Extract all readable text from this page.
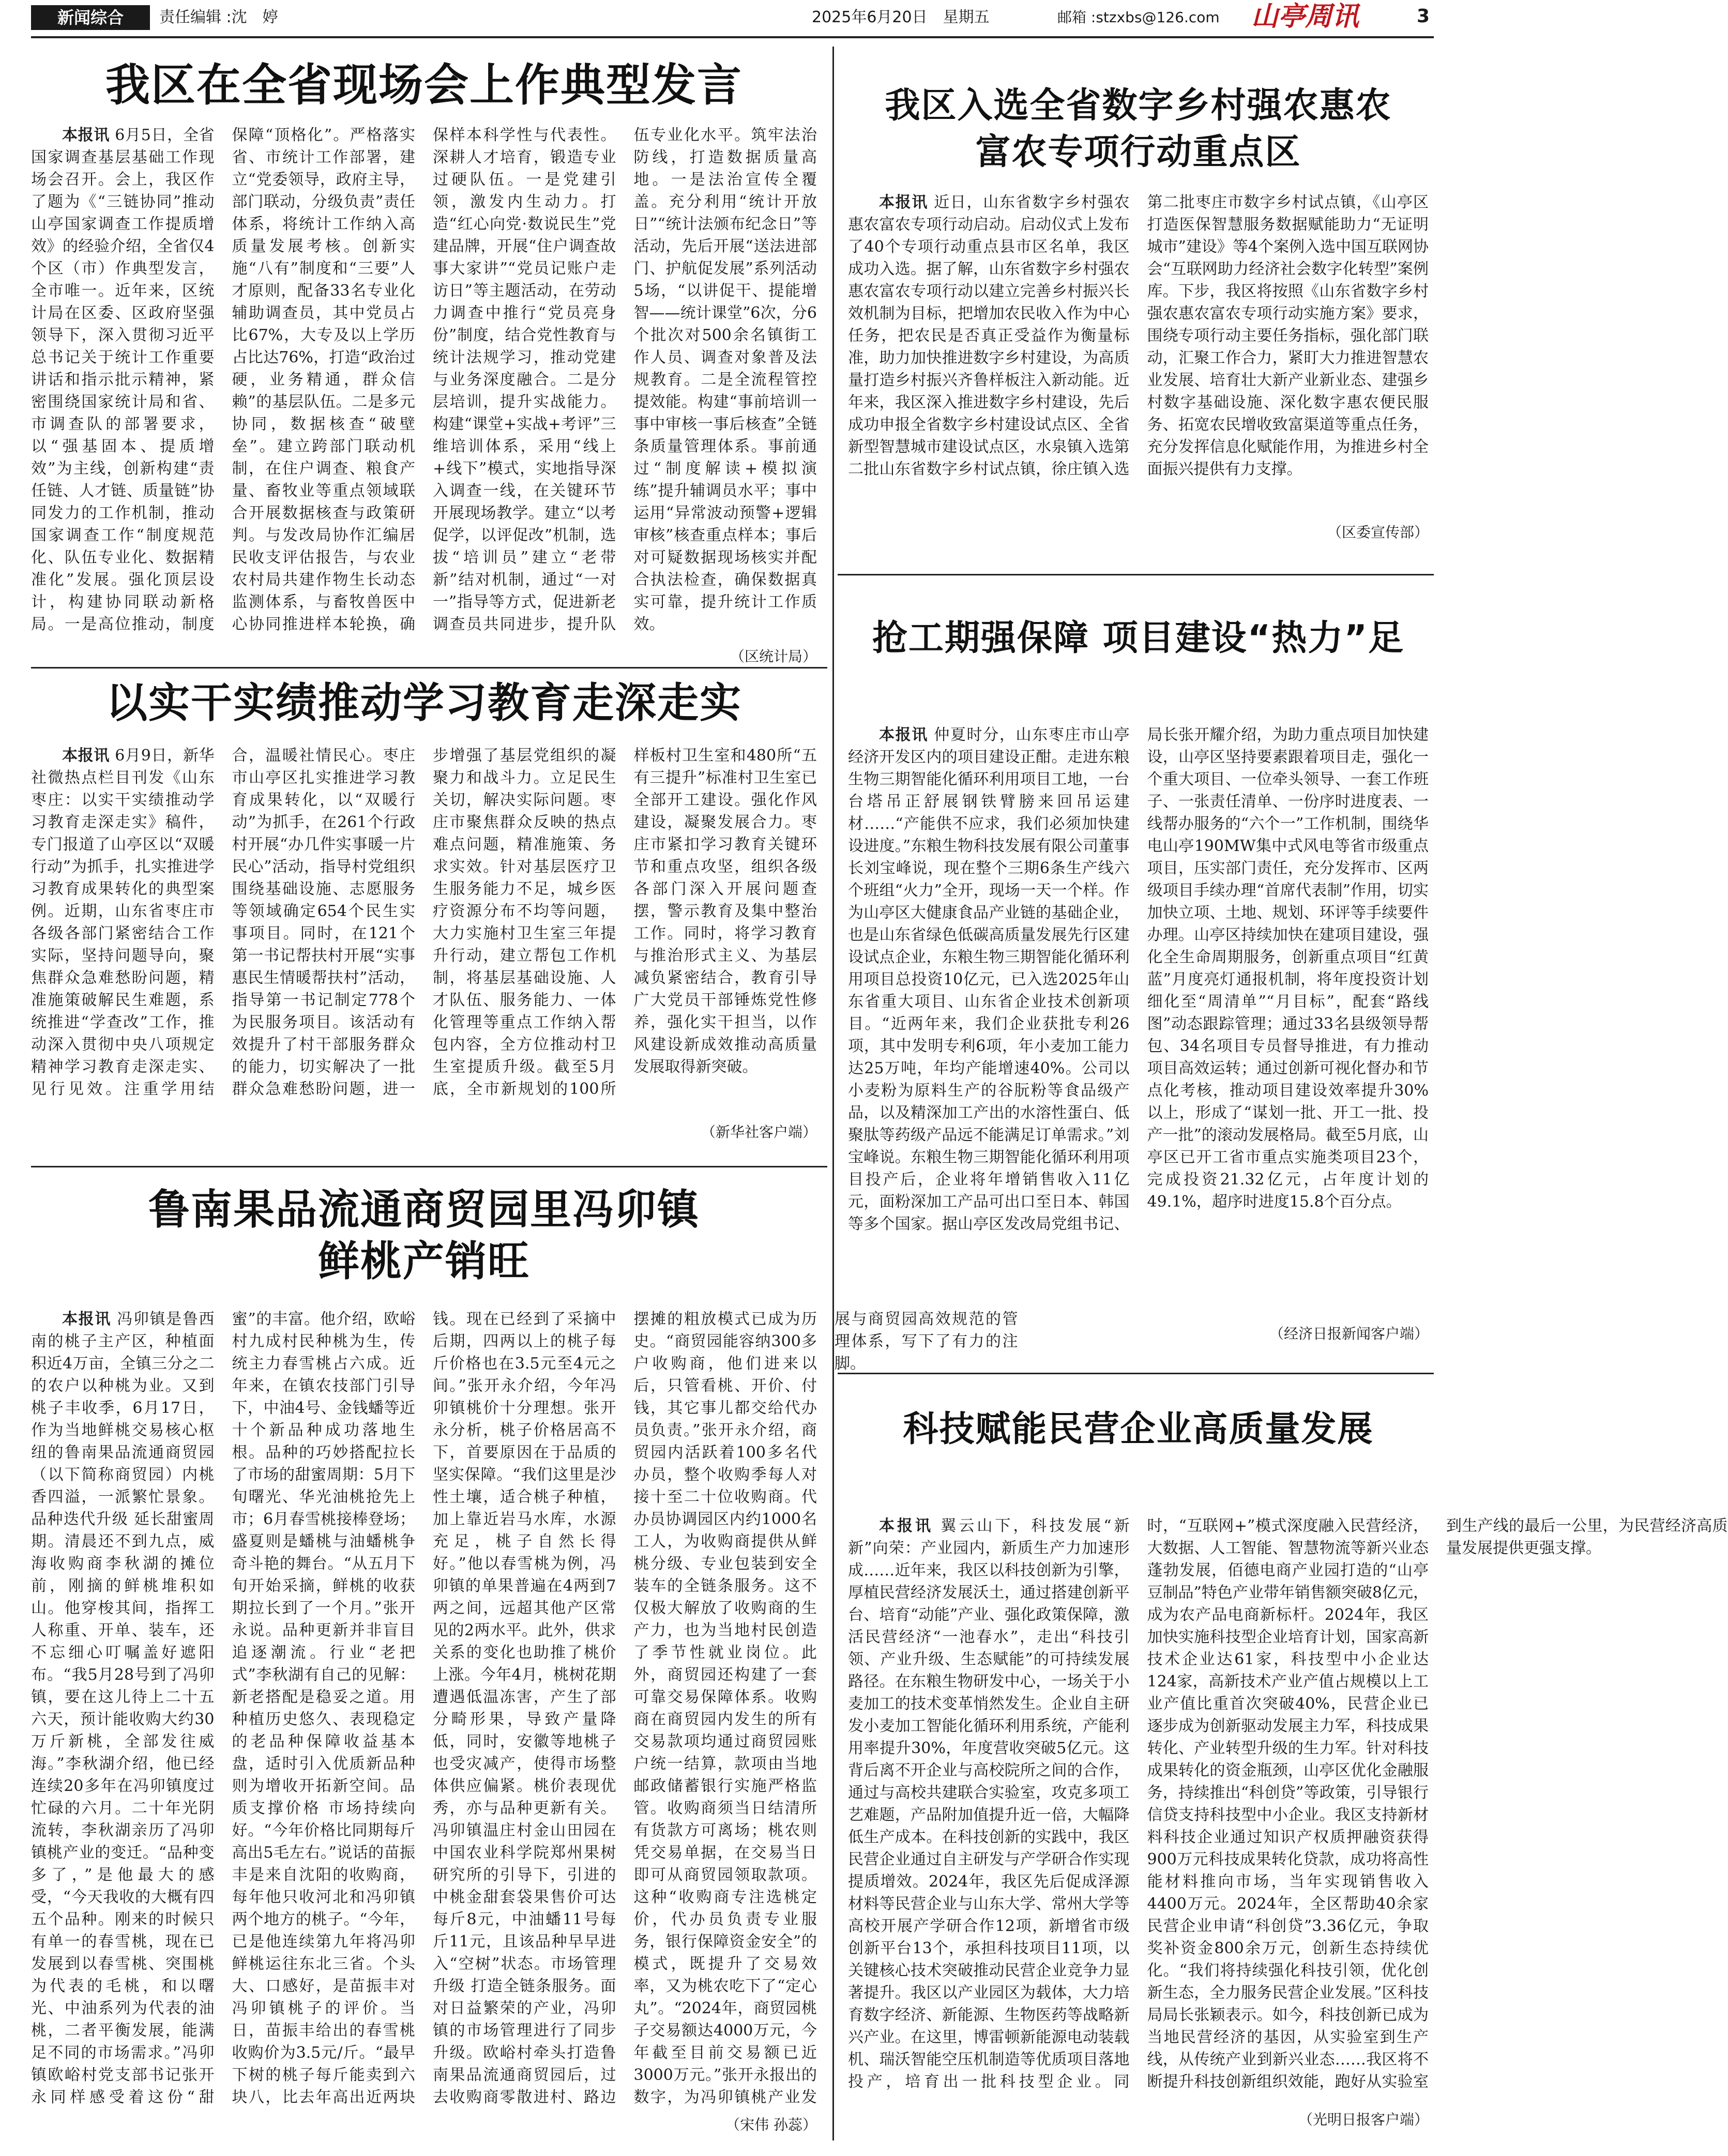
新闻综合	责任编辑 :沈　婷	2025年6月20日　星期五	邮箱 :stzxbs@126.com 山亭周讯	3
我区在全省现场会上作典型发言

本报讯 6月5日，全省国家调查基层基础工作现场会召开。会上，我区作了题为《“三链协同”推动山亭国家调查工作提质增效》的经验介绍，全省仅4个区（市）作典型发言，全市唯一。近年来，区统计局在区委、区政府坚强领导下，深入贯彻习近平总书记关于统计工作重要讲话和指示批示精神，紧密围绕国家统计局和省、市调查队的部署要求，以“强基固本、提质增效”为主线，创新构建“责任链、人才链、质量链”协同发力的工作机制，推动国家调查工作“制度规范化、队伍专业化、数据精准化”发展。强化顶层设计，构建协同联动新格局。一是高位推动，制度保障“顶格化”。严格落实省、市统计工作部署，建立“党委领导，政府主导，部门联动，分级负责”责任体系，将统计工作纳入高质量发展考核。创新实施“八有”制度和“三要”人才原则，配备33名专业化辅助调查员，其中党员占比67%，大专及以上学历占比达76%，打造“政治过硬，业务精通，群众信赖”的基层队伍。二是多元协同，数据核查“破壁垒”。建立跨部门联动机制，在住户调查、粮食产量、畜牧业等重点领域联合开展数据核查与政策研判。与发改局协作汇编居民收支评估报告，与农业农村局共建作物生长动态监测体系，与畜牧兽医中心协同推进样本轮换，确保样本科学性与代表性。深耕人才培育，锻造专业过硬队伍。一是党建引领，激发内生动力。打造“红心向党·数说民生”党建品牌，开展“住户调查故事大家讲”“党员记账户走访日”等主题活动，在劳动力调查中推行“党员亮身份”制度，结合党性教育与统计法规学习，推动党建与业务深度融合。二是分层培训，提升实战能力。构建“课堂+实战+考评”三维培训体系，采用“线上+线下”模式，实地指导深入调查一线，在关键环节开展现场教学。建立“以考促学，以评促改”机制，选拔“培训员”建立“老带新”结对机制，通过“一对一”指导等方式，促进新老调查员共同进步，提升队伍专业化水平。筑牢法治防线，打造数据质量高地。一是法治宣传全覆盖。充分利用“统计开放日”“统计法颁布纪念日”等活动，先后开展“送法进部门、护航促发展”系列活动5场，“以讲促干、提能增智——统计课堂”6次，分6个批次对500余名镇街工作人员、调查对象普及法规教育。二是全流程管控提效能。构建“事前培训一事中审核一事后核查”全链条质量管理体系。事前通过“制度解读+模拟演练”提升辅调员水平；事中运用“异常波动预警+逻辑审核”核查重点样本；事后对可疑数据现场核实并配合执法检查，确保数据真实可靠，提升统计工作质效。

（区统计局）
我区入选全省数字乡村强农惠农富农专项行动重点区

本报讯 近日，山东省数字乡村强农惠农富农专项行动启动。启动仪式上发布了40个专项行动重点县市区名单，我区成功入选。据了解，山东省数字乡村强农惠农富农专项行动以建立完善乡村振兴长效机制为目标，把增加农民收入作为中心任务，把农民是否真正受益作为衡量标准，助力加快推进数字乡村建设，为高质量打造乡村振兴齐鲁样板注入新动能。近年来，我区深入推进数字乡村建设，先后成功申报全省数字乡村建设试点区、全省新型智慧城市建设试点区，水泉镇入选第二批山东省数字乡村试点镇，徐庄镇入选第二批枣庄市数字乡村试点镇，《山亭区打造医保智慧服务数据赋能助力“无证明城市”建设》等4个案例入选中国互联网协会“互联网助力经济社会数字化转型”案例库。下步，我区将按照《山东省数字乡村强农惠农富农专项行动实施方案》要求，围绕专项行动主要任务指标，强化部门联动，汇聚工作合力，紧盯大力推进智慧农业发展、培育壮大新产业新业态、建强乡村数字基础设施、深化数字惠农便民服务、拓宽农民增收致富渠道等重点任务，充分发挥信息化赋能作用，为推进乡村全面振兴提供有力支撑。

（区委宣传部）
以实干实绩推动学习教育走深走实

本报讯 6月9日，新华社微热点栏目刊发《山东枣庄：以实干实绩推动学习教育走深走实》稿件，专门报道了山亭区以“双暖行动”为抓手，扎实推进学习教育成果转化的典型案例。近期，山东省枣庄市各级各部门紧密结合工作实际，坚持问题导向，聚焦群众急难愁盼问题，精准施策破解民生难题，系统推进“学查改”工作，推动深入贯彻中央八项规定精神学习教育走深走实、见行见效。注重学用结合，温暖社情民心。枣庄市山亭区扎实推进学习教育成果转化，以“双暖行动”为抓手，在261个行政村开展“办几件实事暖一片民心”活动，指导村党组织围绕基础设施、志愿服务等领域确定654个民生实事项目。同时，在121个第一书记帮扶村开展“实事惠民生情暖帮扶村”活动，指导第一书记制定778个为民服务项目。该活动有效提升了村干部服务群众的能力，切实解决了一批群众急难愁盼问题，进一步增强了基层党组织的凝聚力和战斗力。立足民生关切，解决实际问题。枣庄市聚焦群众反映的热点难点问题，精准施策、务求实效。针对基层医疗卫生服务能力不足，城乡医疗资源分布不均等问题，大力实施村卫生室三年提升行动，建立帮包工作机制，将基层基础设施、人才队伍、服务能力、一体化管理等重点工作纳入帮包内容，全方位推动村卫生室提质升级。截至5月底，全市新规划的100所样板村卫生室和480所“五有三提升”标准村卫生室已全部开工建设。强化作风建设，凝聚发展合力。枣庄市紧扣学习教育关键环节和重点攻坚，组织各级各部门深入开展问题查摆，警示教育及集中整治工作。同时，将学习教育与推治形式主义、为基层减负紧密结合，教育引导广大党员干部锤炼党性修养，强化实干担当，以作风建设新成效推动高质量发展取得新突破。

（新华社客户端）
抢工期强保障 项目建设“热力”足

本报讯 仲夏时分，山东枣庄市山亭经济开发区内的项目建设正酣。走进东粮生物三期智能化循环利用项目工地，一台台塔吊正舒展钢铁臂膀来回吊运建材……“产能供不应求，我们必须加快建设进度。”东粮生物科技发展有限公司董事长刘宝峰说，现在整个三期6条生产线六个班组“火力”全开，现场一天一个样。作为山亭区大健康食品产业链的基础企业，也是山东省绿色低碳高质量发展先行区建设试点企业，东粮生物三期智能化循环利用项目总投资10亿元，已入选2025年山东省重大项目、山东省企业技术创新项目。“近两年来，我们企业获批专利26项，其中发明专利6项，年小麦加工能力达25万吨，年均产能增速40%。公司以小麦粉为原料生产的谷朊粉等食品级产品，以及精深加工产出的水溶性蛋白、低聚肽等药级产品远不能满足订单需求。”刘宝峰说。东粮生物三期智能化循环利用项目投产后，企业将年增销售收入11亿元，面粉深加工产品可出口至日本、韩国等多个国家。据山亭区发改局党组书记、局长张开耀介绍，为助力重点项目加快建设，山亭区坚持要素跟着项目走，强化一个重大项目、一位牵头领导、一套工作班子、一张责任清单、一份序时进度表、一线帮办服务的“六个一”工作机制，围绕华电山亭190MW集中式风电等省市级重点项目，压实部门责任，充分发挥市、区两级项目手续办理“首席代表制”作用，切实加快立项、土地、规划、环评等手续要件办理。山亭区持续加快在建项目建设，强化全生命周期服务，创新重点项目“红黄蓝”月度亮灯通报机制，将年度投资计划细化至“周清单”“月目标”，配套“路线图”动态跟踪管理；通过33名县级领导帮包、34名项目专员督导推进，有力推动项目高效运转；通过创新可视化督办和节点化考核，推动项目建设效率提升30%以上，形成了“谋划一批、开工一批、投产一批”的滚动发展格局。截至5月底，山亭区已开工省市重点实施类项目23个，完成投资21.32亿元，占年度计划的49.1%，超序时进度15.8个百分点。

（经济日报新闻客户端）
鲁南果品流通商贸园里冯卯镇鲜桃产销旺

本报讯 冯卯镇是鲁西南的桃子主产区，种植面积近4万亩，全镇三分之二的农户以种桃为业。又到桃子丰收季，6月17日，作为当地鲜桃交易核心枢纽的鲁南果品流通商贸园（以下简称商贸园）内桃香四溢，一派繁忙景象。品种迭代升级 延长甜蜜周期。清晨还不到九点，威海收购商李秋湖的摊位前，刚摘的鲜桃堆积如山。他穿梭其间，指挥工人称重、开单、装车，还不忘细心叮嘱盖好遮阳布。“我5月28号到了冯卯镇，要在这儿待上二十五六天，预计能收购大约30万斤新桃，全部发往威海。”李秋湖介绍，他已经连续20多年在冯卯镇度过忙碌的六月。二十年光阴流转，李秋湖亲历了冯卯镇桃产业的变迁。“品种变多了，”是他最大的感受，“今天我收的大概有四五个品种。刚来的时候只有单一的春雪桃，现在已发展到以春雪桃、突围桃为代表的毛桃，和以曙光、中油系列为代表的油桃，二者平衡发展，能满足不同的市场需求。”冯卯镇欧峪村党支部书记张开永同样感受着这份“甜蜜”的丰富。他介绍，欧峪村九成村民种桃为生，传统主力春雪桃占六成。近年来，在镇农技部门引导下，中油4号、金钱蟠等近十个新品种成功落地生根。品种的巧妙搭配拉长了市场的甜蜜周期：5月下旬曙光、华光油桃抢先上市；6月春雪桃接棒登场；盛夏则是蟠桃与油蟠桃争奇斗艳的舞台。“从五月下旬开始采摘，鲜桃的收获期拉长到了一个月。”张开永说。品种更新并非盲目追逐潮流。行业“老把式”李秋湖有自己的见解：新老搭配是稳妥之道。用种植历史悠久、表现稳定的老品种保障收益基本盘，适时引入优质新品种则为增收开拓新空间。品质支撑价格 市场持续向好。“今年价格比同期每斤高出5毛左右。”说话的苗振丰是来自沈阳的收购商，每年他只收河北和冯卯镇两个地方的桃子。“今年，已是他连续第九年将冯卯鲜桃运往东北三省。个头大、口感好，是苗振丰对冯卯镇桃子的评价。当日，苗振丰给出的春雪桃收购价为3.5元/斤。“最早下树的桃子每斤能卖到六块八，比去年高出近两块钱。现在已经到了采摘中后期，四两以上的桃子每斤价格也在3.5元至4元之间。”张开永介绍，今年冯卯镇桃价十分理想。张开永分析，桃子价格居高不下，首要原因在于品质的坚实保障。“我们这里是沙性土壤，适合桃子种植，加上靠近岩马水库，水源充足，桃子自然长得好。”他以春雪桃为例，冯卯镇的单果普遍在4两到7两之间，远超其他产区常见的2两水平。此外，供求关系的变化也助推了桃价上涨。今年4月，桃树花期遭遇低温冻害，产生了部分畸形果，导致产量降低，同时，安徽等地桃子也受灾减产，使得市场整体供应偏紧。桃价表现优秀，亦与品种更新有关。冯卯镇温庄村金山田园在中国农业科学院郑州果树研究所的引导下，引进的中桃金甜套袋果售价可达每斤8元，中油蟠11号每斤11元，且该品种早早进入“空树”状态。市场管理升级 打造全链条服务。面对日益繁荣的产业，冯卯镇的市场管理进行了同步升级。欧峪村牵头打造鲁南果品流通商贸园后，过去收购商零散进村、路边摆摊的粗放模式已成为历史。“商贸园能容纳300多户收购商，他们进来以后，只管看桃、开价、付钱，其它事儿都交给代办员负责。”张开永介绍，商贸园内活跃着100多名代办员，整个收购季每人对接十至二十位收购商。代办员协调园区内约1000名工人，为收购商提供从鲜桃分级、专业包装到安全装车的全链条服务。这不仅极大解放了收购商的生产力，也为当地村民创造了季节性就业岗位。此外，商贸园还构建了一套可靠交易保障体系。收购商在商贸园内发生的所有交易款项均通过商贸园账户统一结算，款项由当地邮政储蓄银行实施严格监管。收购商须当日结清所有货款方可离场；桃农则凭交易单据，在交易当日即可从商贸园领取款项。这种“收购商专注选桃定价，代办员负责专业服务，银行保障资金安全”的模式，既提升了交易效率，又为桃农吃下了“定心丸”。“2024年，商贸园桃子交易额达4000万元，今年截至目前交易额已近3000万元。”张开永报出的数字，为冯卯镇桃产业发展与商贸园高效规范的管理体系，写下了有力的注脚。

（宋伟 孙蕊）
科技赋能民营企业高质量发展

本报讯 翼云山下，科技发展“新新”向荣：产业园内，新质生产力加速形成……近年来，我区以科技创新为引擎，厚植民营经济发展沃土，通过搭建创新平台、培育“动能”产业、强化政策保障，激活民营经济“一池春水”，走出“科技引领、产业升级、生态赋能”的可持续发展路径。在东粮生物研发中心，一场关于小麦加工的技术变革悄然发生。企业自主研发小麦加工智能化循环利用系统，产能利用率提升30%，年度营收突破5亿元。这背后离不开企业与高校院所之间的合作，通过与高校共建联合实验室，攻克多项工艺难题，产品附加值提升近一倍，大幅降低生产成本。在科技创新的实践中，我区民营企业通过自主研发与产学研合作实现提质增效。2024年，我区先后促成泽源材料等民营企业与山东大学、常州大学等高校开展产学研合作12项，新增省市级创新平台13个，承担科技项目11项，以关键核心技术突破推动民营企业竞争力显著提升。我区以产业园区为载体，大力培育数字经济、新能源、生物医药等战略新兴产业。在这里，博雷顿新能源电动装载机、瑞沃智能空压机制造等优质项目落地投产，培育出一批科技型企业。同时，“互联网+”模式深度融入民营经济，大数据、人工智能、智慧物流等新兴业态蓬勃发展，佰德电商产业园打造的“山亭豆制品”特色产业带年销售额突破8亿元，成为农产品电商新标杆。2024年，我区加快实施科技型企业培育计划，国家高新技术企业达61家，科技型中小企业达124家，高新技术产业产值占规模以上工业产值比重首次突破40%，民营企业已逐步成为创新驱动发展主力军，科技成果转化、产业转型升级的生力军。针对科技成果转化的资金瓶颈，山亭区优化金融服务，持续推出“科创贷”等政策，引导银行信贷支持科技型中小企业。我区支持新材料科技企业通过知识产权质押融资获得900万元科技成果转化贷款，成功将高性能材料推向市场，当年实现销售收入4400万元。2024年，全区帮助40余家民营企业申请“科创贷”3.36亿元，争取奖补资金800余万元，创新生态持续优化。“我们将持续强化科技引领，优化创新生态，全力服务民营企业发展。”区科技局局长张颖表示。如今，科技创新已成为当地民营经济的基因，从实验室到生产线，从传统产业到新兴业态……我区将不断提升科技创新组织效能，跑好从实验室到生产线的最后一公里，为民营经济高质量发展提供更强支撑。

（光明日报客户端）
